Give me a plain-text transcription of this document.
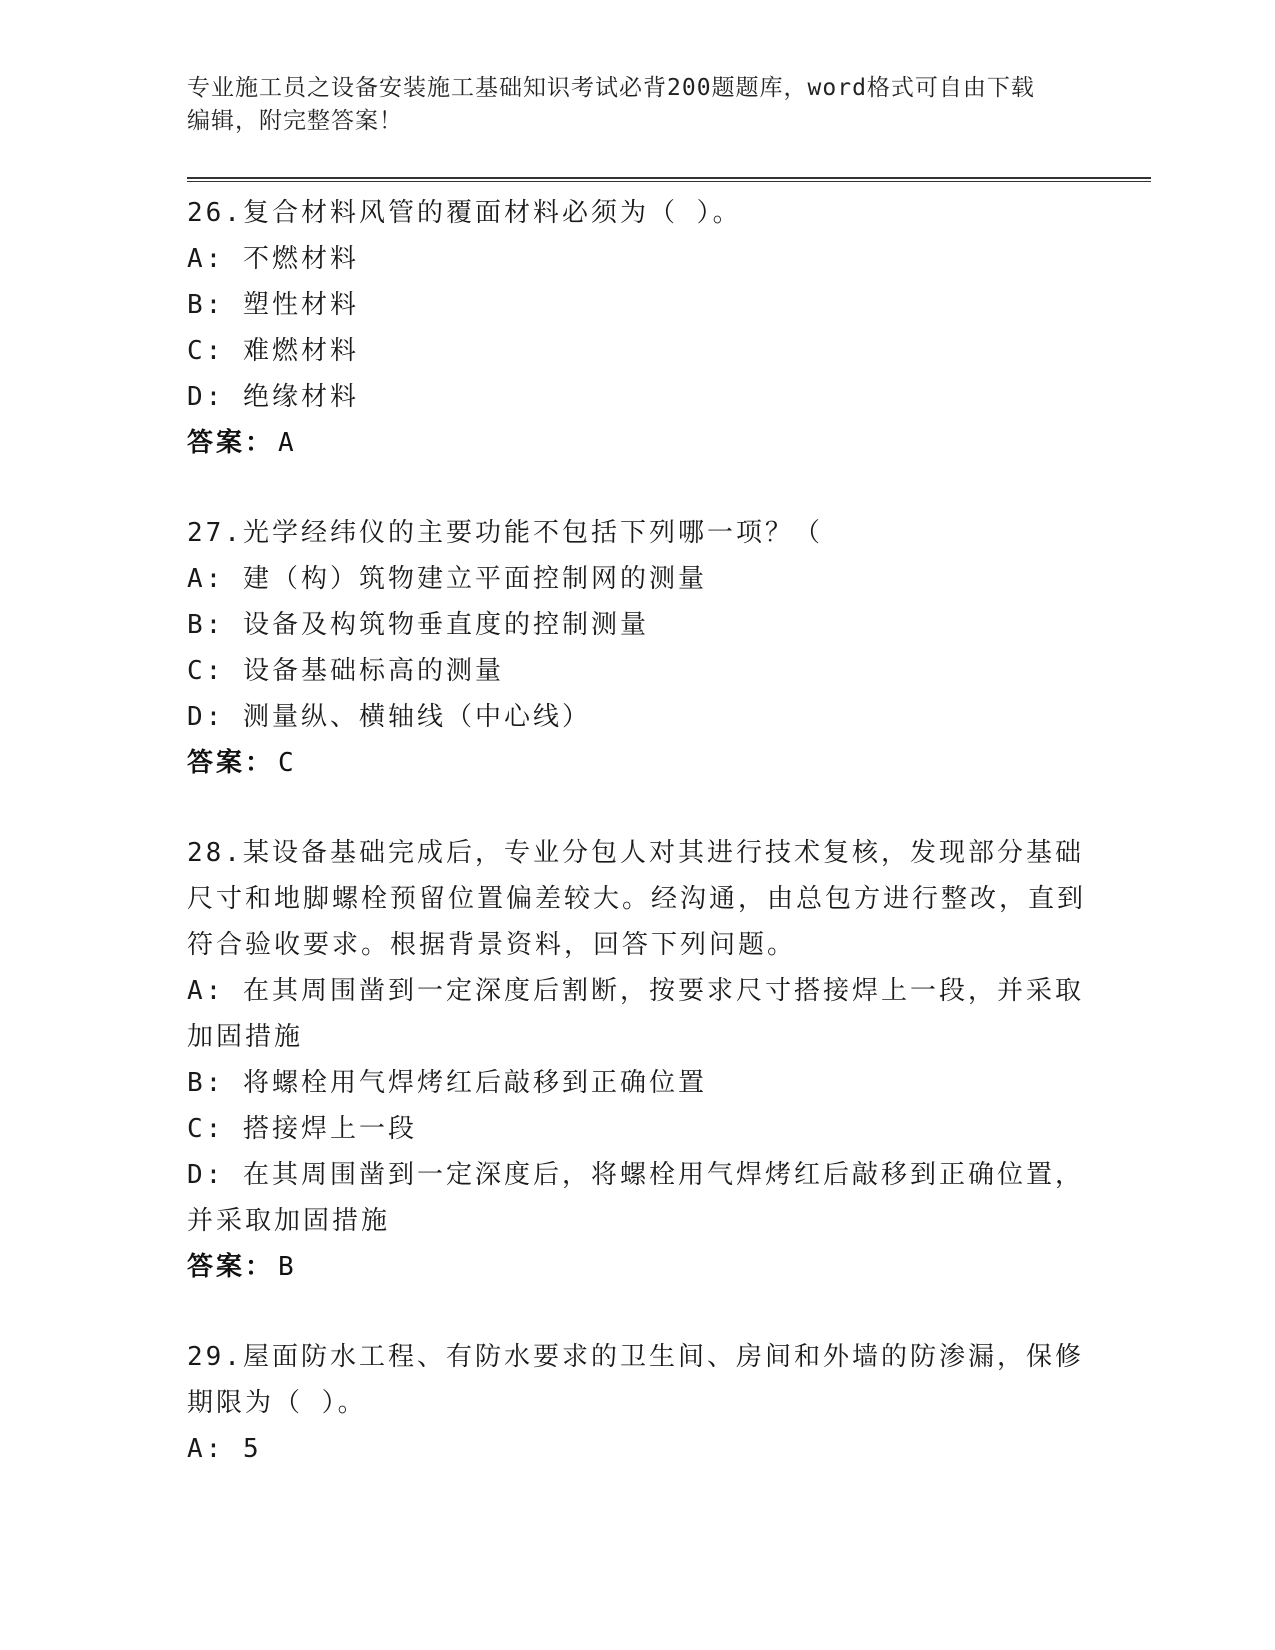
专业施工员之设备安装施工基础知识考试必背200题题库，word格式可自由下载
编辑，附完整答案！

26.复合材料风管的覆面材料必须为（ ）。

A: 不燃材料
B: 塑性材料
C: 难燃材料
D: 绝缘材料
答案： A

27.光学经纬仪的主要功能不包括下列哪一项？（

A: 建（构）筑物建立平面控制网的测量
B: 设备及构筑物垂直度的控制测量
C: 设备基础标高的测量
D: 测量纵、横轴线（中心线）
答案： C

28.某设备基础完成后，专业分包人对其进行技术复核，发现部分基础尺寸和地脚螺栓预留位置偏差较大。经沟通，由总包方进行整改，直到符合验收要求。根据背景资料，回答下列问题。

A: 在其周围凿到一定深度后割断，按要求尺寸搭接焊上一段，并采取加固措施
B: 将螺栓用气焊烤红后敲移到正确位置
C: 搭接焊上一段
D: 在其周围凿到一定深度后，将螺栓用气焊烤红后敲移到正确位置，并采取加固措施
答案： B

29.屋面防水工程、有防水要求的卫生间、房间和外墙的防渗漏，保修期限为（ ）。

A: 5
